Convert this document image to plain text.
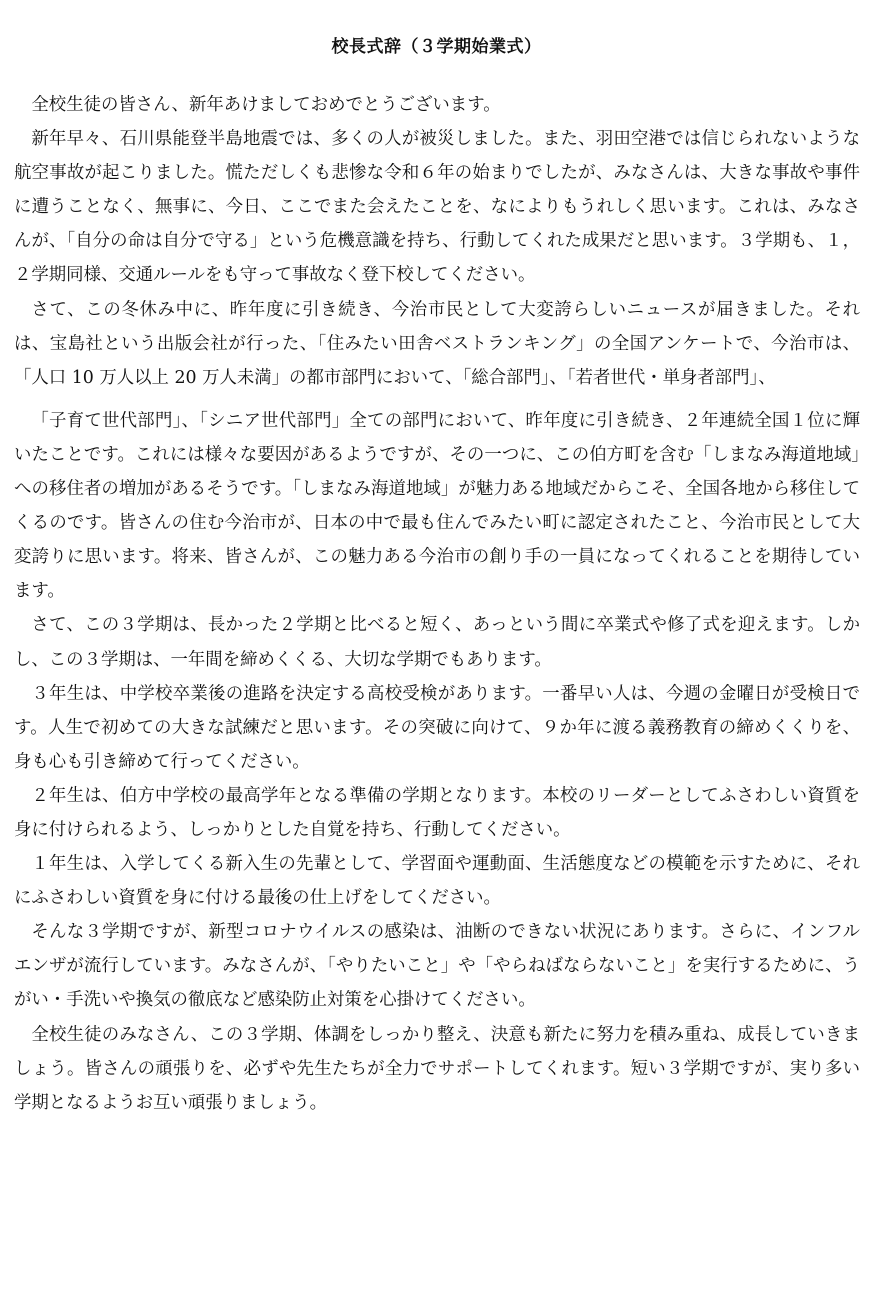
校長式辞（３学期始業式）

全校生徒の皆さん、新年あけましておめでとうございます。

新年早々、石川県能登半島地震では、多くの人が被災しました。また、羽田空港では信じられないような航空事故が起こりました。慌ただしくも悲惨な令和６年の始まりでしたが、みなさんは、大きな事故や事件に遭うことなく、無事に、今日、ここでまた会えたことを、なによりもうれしく思います。これは、みなさんが、「自分の命は自分で守る」という危機意識を持ち、行動してくれた成果だと思います。３学期も、１，２学期同様、交通ルールをも守って事故なく登下校してください。

さて、この冬休み中に、昨年度に引き続き、今治市民として大変誇らしいニュースが届きました。それは、宝島社という出版会社が行った、「住みたい田舎ベストランキング」の全国アンケートで、今治市は、「人口 10 万人以上 20 万人未満」の都市部門において、「総合部門」、「若者世代・単身者部門」、

「子育て世代部門」、「シニア世代部門」全ての部門において、昨年度に引き続き、２年連続全国１位に輝いたことです。これには様々な要因があるようですが、その一つに、この伯方町を含む「しまなみ海道地域」への移住者の増加があるそうです。「しまなみ海道地域」が魅力ある地域だからこそ、全国各地から移住してくるのです。皆さんの住む今治市が、日本の中で最も住んでみたい町に認定されたこと、今治市民として大変誇りに思います。将来、皆さんが、この魅力ある今治市の創り手の一員になってくれることを期待しています。

さて、この３学期は、長かった２学期と比べると短く、あっという間に卒業式や修了式を迎えます。しかし、この３学期は、一年間を締めくくる、大切な学期でもあります。

３年生は、中学校卒業後の進路を決定する高校受検があります。一番早い人は、今週の金曜日が受検日です。人生で初めての大きな試練だと思います。その突破に向けて、９か年に渡る義務教育の締めくくりを、身も心も引き締めて行ってください。

２年生は、伯方中学校の最高学年となる準備の学期となります。本校のリーダーとしてふさわしい資質を身に付けられるよう、しっかりとした自覚を持ち、行動してください。

１年生は、入学してくる新入生の先輩として、学習面や運動面、生活態度などの模範を示すために、それにふさわしい資質を身に付ける最後の仕上げをしてください。

そんな３学期ですが、新型コロナウイルスの感染は、油断のできない状況にあります。さらに、インフルエンザが流行しています。みなさんが、「やりたいこと」や「やらねばならないこと」を実行するために、うがい・手洗いや換気の徹底など感染防止対策を心掛けてください。

全校生徒のみなさん、この３学期、体調をしっかり整え、決意も新たに努力を積み重ね、成長していきましょう。皆さんの頑張りを、必ずや先生たちが全力でサポートしてくれます。短い３学期ですが、実り多い学期となるようお互い頑張りましょう。
